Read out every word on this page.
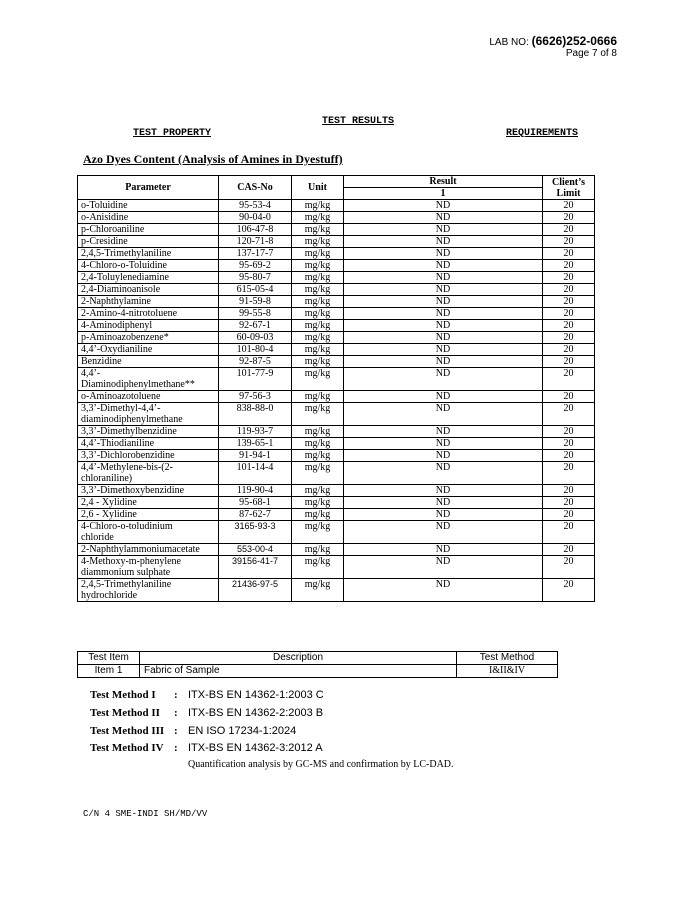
LAB NO: (6626)252-0666
Page 7 of 8
TEST RESULTS
TEST PROPERTY	REQUIREMENTS
Azo Dyes Content (Analysis of Amines in Dyestuff)
Parameter	CAS-No	Unit	Result	Client’s Limit
			1	
o-Toluidine	95-53-4	mg/kg	ND	20
o-Anisidine	90-04-0	mg/kg	ND	20
p-Chloroaniline	106-47-8	mg/kg	ND	20
p-Cresidine	120-71-8	mg/kg	ND	20
2,4,5-Trimethylaniline	137-17-7	mg/kg	ND	20
4-Chloro-o-Toluidine	95-69-2	mg/kg	ND	20
2,4-Toluylenediamine	95-80-7	mg/kg	ND	20
2,4-Diaminoanisole	615-05-4	mg/kg	ND	20
2-Naphthylamine	91-59-8	mg/kg	ND	20
2-Amino-4-nitrotoluene	99-55-8	mg/kg	ND	20
4-Aminodiphenyl	92-67-1	mg/kg	ND	20
p-Aminoazobenzene*	60-09-03	mg/kg	ND	20
4,4’-Oxydianiline	101-80-4	mg/kg	ND	20
Benzidine	92-87-5	mg/kg	ND	20
4,4’-
Diaminodiphenylmethane**	101-77-9	mg/kg	ND	20
o-Aminoazotoluene	97-56-3	mg/kg	ND	20
3,3’-Dimethyl-4,4’-
diaminodiphenylmethane	838-88-0	mg/kg	ND	20
3,3’-Dimethylbenzidine	119-93-7	mg/kg	ND	20
4,4’-Thiodianiline	139-65-1	mg/kg	ND	20
3,3’-Dichlorobenzidine	91-94-1	mg/kg	ND	20
4,4’-Methylene-bis-(2-
chloraniline)	101-14-4	mg/kg	ND	20
3,3’-Dimethoxybenzidine	119-90-4	mg/kg	ND	20
2,4 - Xylidine	95-68-1	mg/kg	ND	20
2,6 - Xylidine	87-62-7	mg/kg	ND	20
4-Chloro-o-toludinium
chloride	3165-93-3	mg/kg	ND	20
2-Naphthylammoniumacetate	553-00-4	mg/kg	ND	20
4-Methoxy-m-phenylene
diammonium sulphate	39156-41-7	mg/kg	ND	20
2,4,5-Trimethylaniline
hydrochloride	21436-97-5	mg/kg	ND	20
Test Item	Description	Test Method
Item 1	Fabric of Sample	I&II&IV
Test Method I	: ITX-BS EN 14362-1:2003 C
Test Method II	: ITX-BS EN 14362-2:2003 B
Test Method III : EN ISO 17234-1:2024
Test Method IV : ITX-BS EN 14362-3:2012 A
Quantification analysis by GC-MS and confirmation by LC-DAD.
C/N 4 SME-INDI SH/MD/VV
